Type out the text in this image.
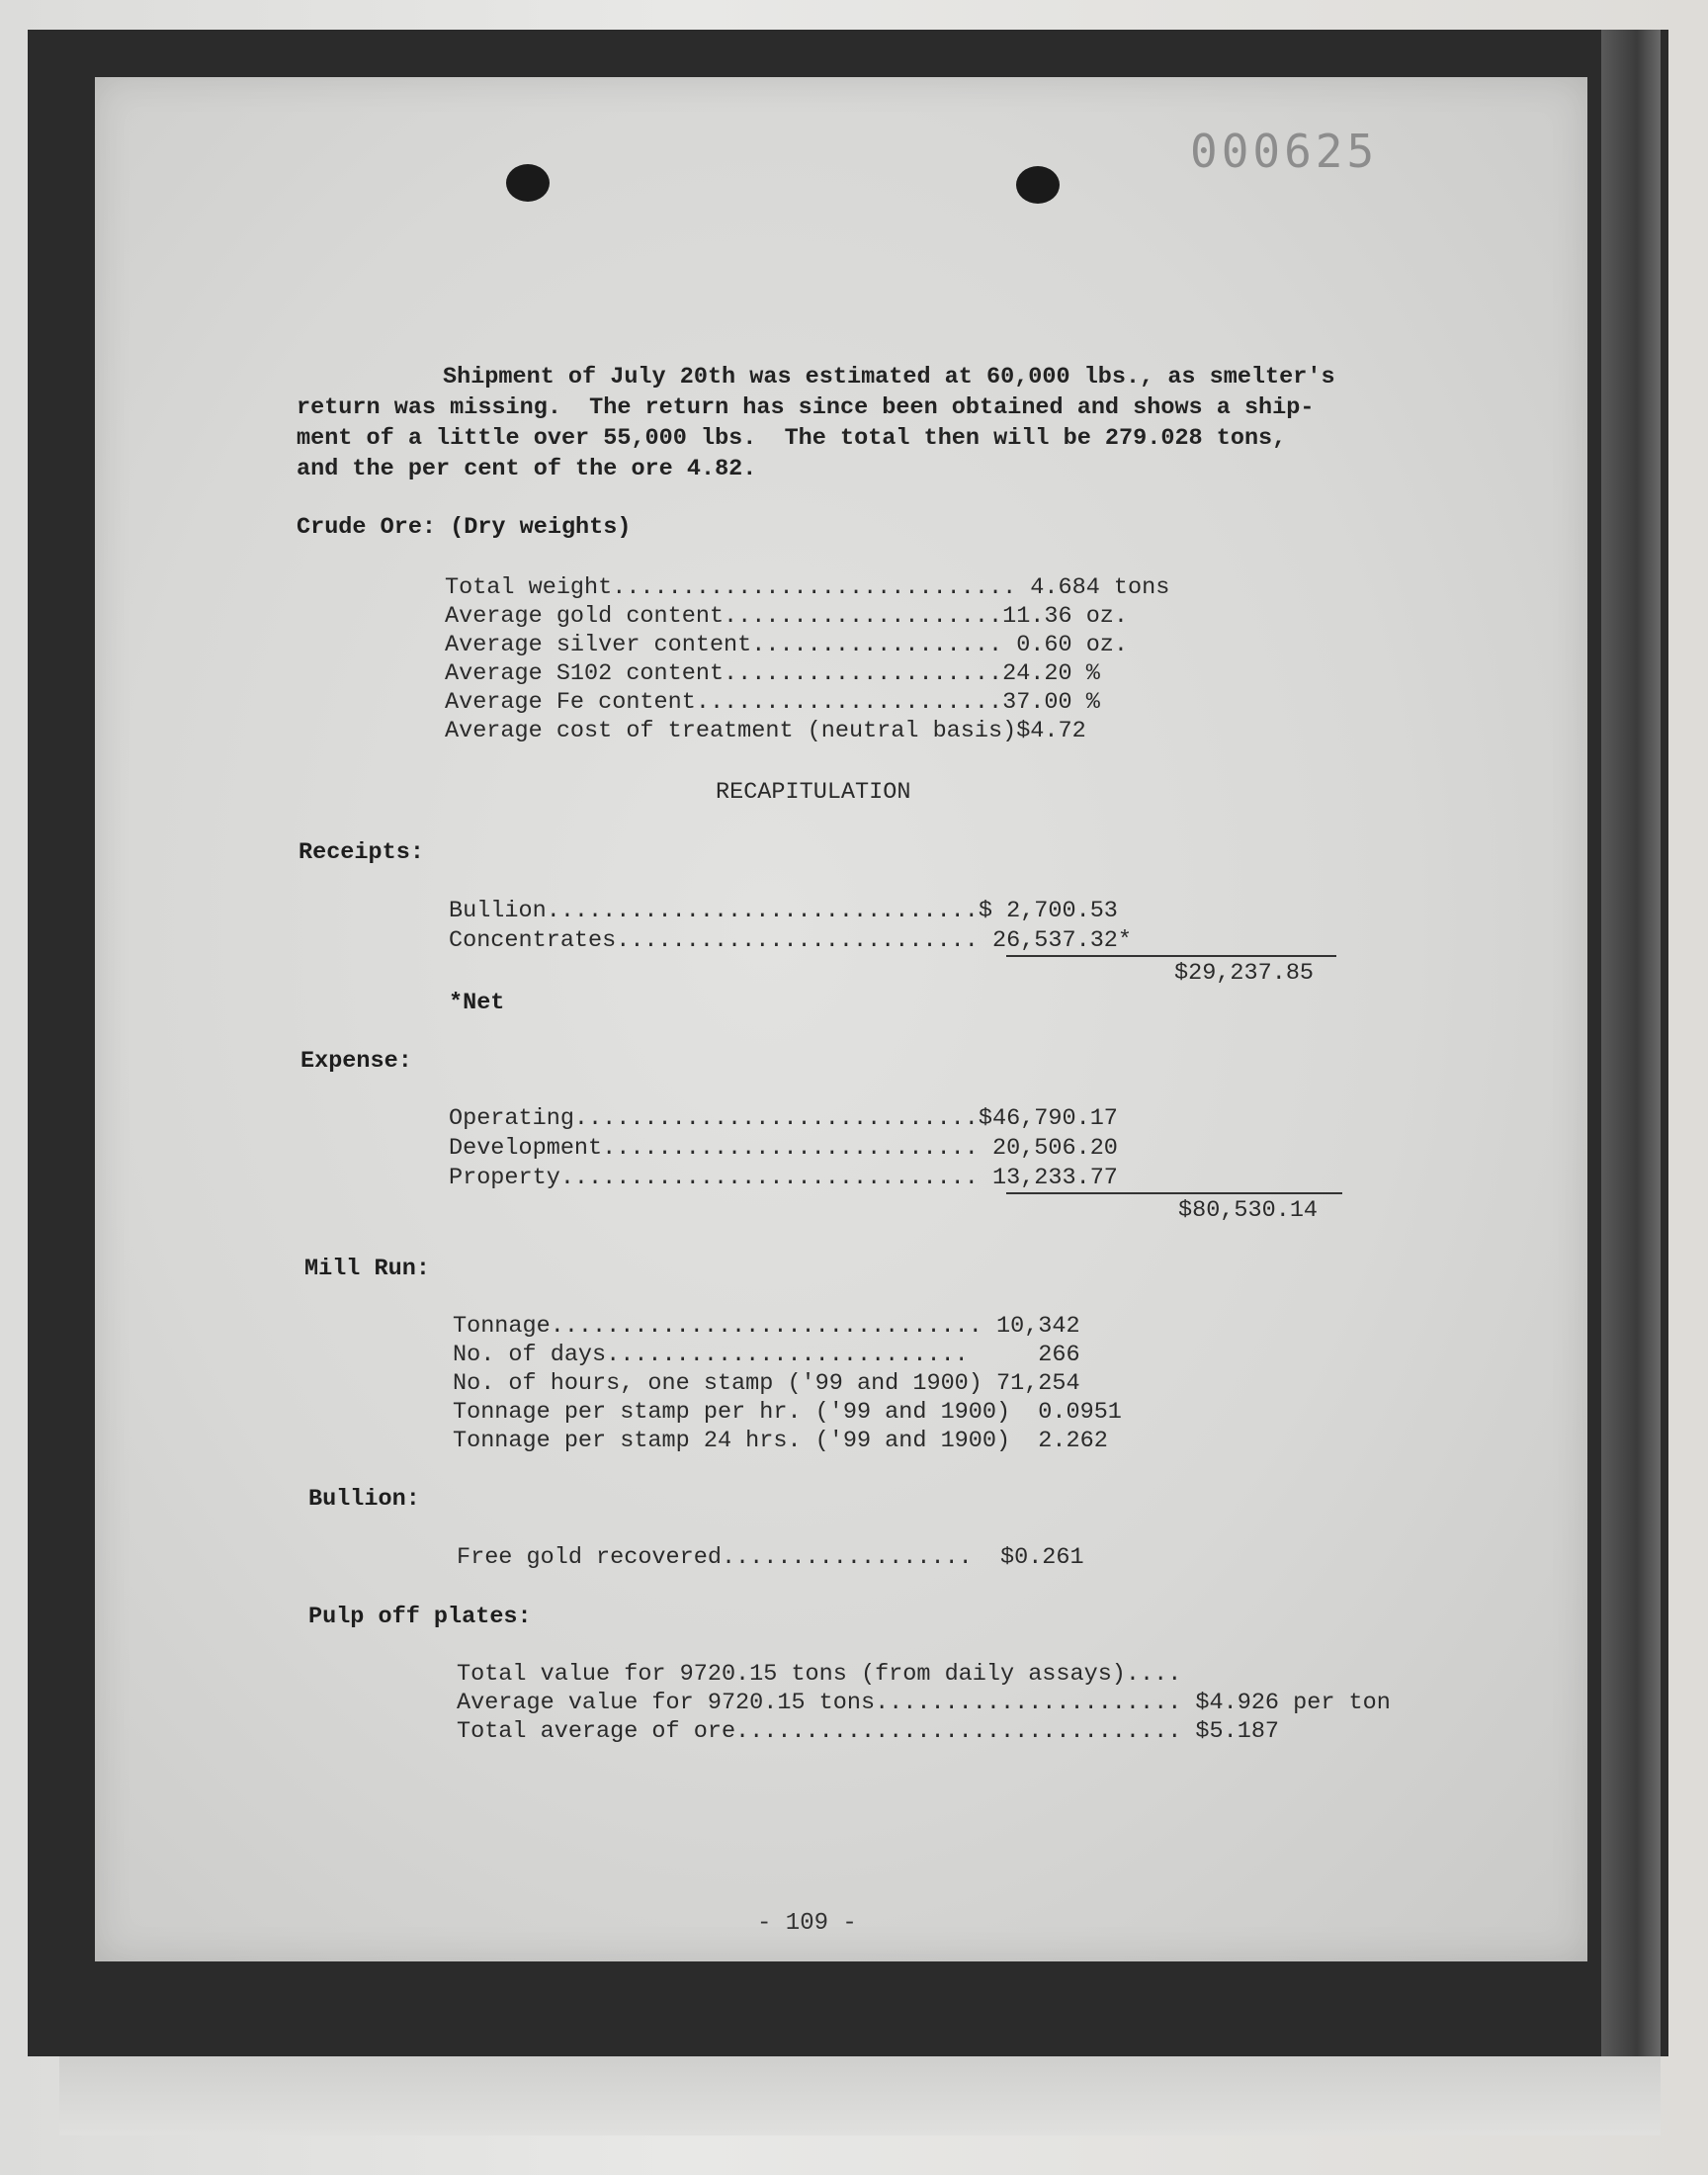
000625
Shipment of July 20th was estimated at 60,000 lbs., as smelter's
return was missing.  The return has since been obtained and shows a ship-
ment of a little over 55,000 lbs.  The total then will be 279.028 tons,
and the per cent of the ore 4.82.
Crude Ore: (Dry weights)
Total weight............................. 4.684 tons
Average gold content....................11.36 oz.
Average silver content.................. 0.60 oz.
Average S102 content....................24.20 %
Average Fe content......................37.00 %
Average cost of treatment (neutral basis)$4.72
RECAPITULATION
Receipts:
Bullion...............................$ 2,700.53
Concentrates.......................... 26,537.32*
$29,237.85
*Net
Expense:
Operating.............................$46,790.17
Development........................... 20,506.20
Property.............................. 13,233.77
$80,530.14
Mill Run:
Tonnage............................... 10,342
No. of days..........................     266
No. of hours, one stamp ('99 and 1900) 71,254
Tonnage per stamp per hr. ('99 and 1900)  0.0951
Tonnage per stamp 24 hrs. ('99 and 1900)  2.262
Bullion:
Free gold recovered..................  $0.261
Pulp off plates:
Total value for 9720.15 tons (from daily assays)....
Average value for 9720.15 tons...................... $4.926 per ton
Total average of ore................................ $5.187
- 109 -
